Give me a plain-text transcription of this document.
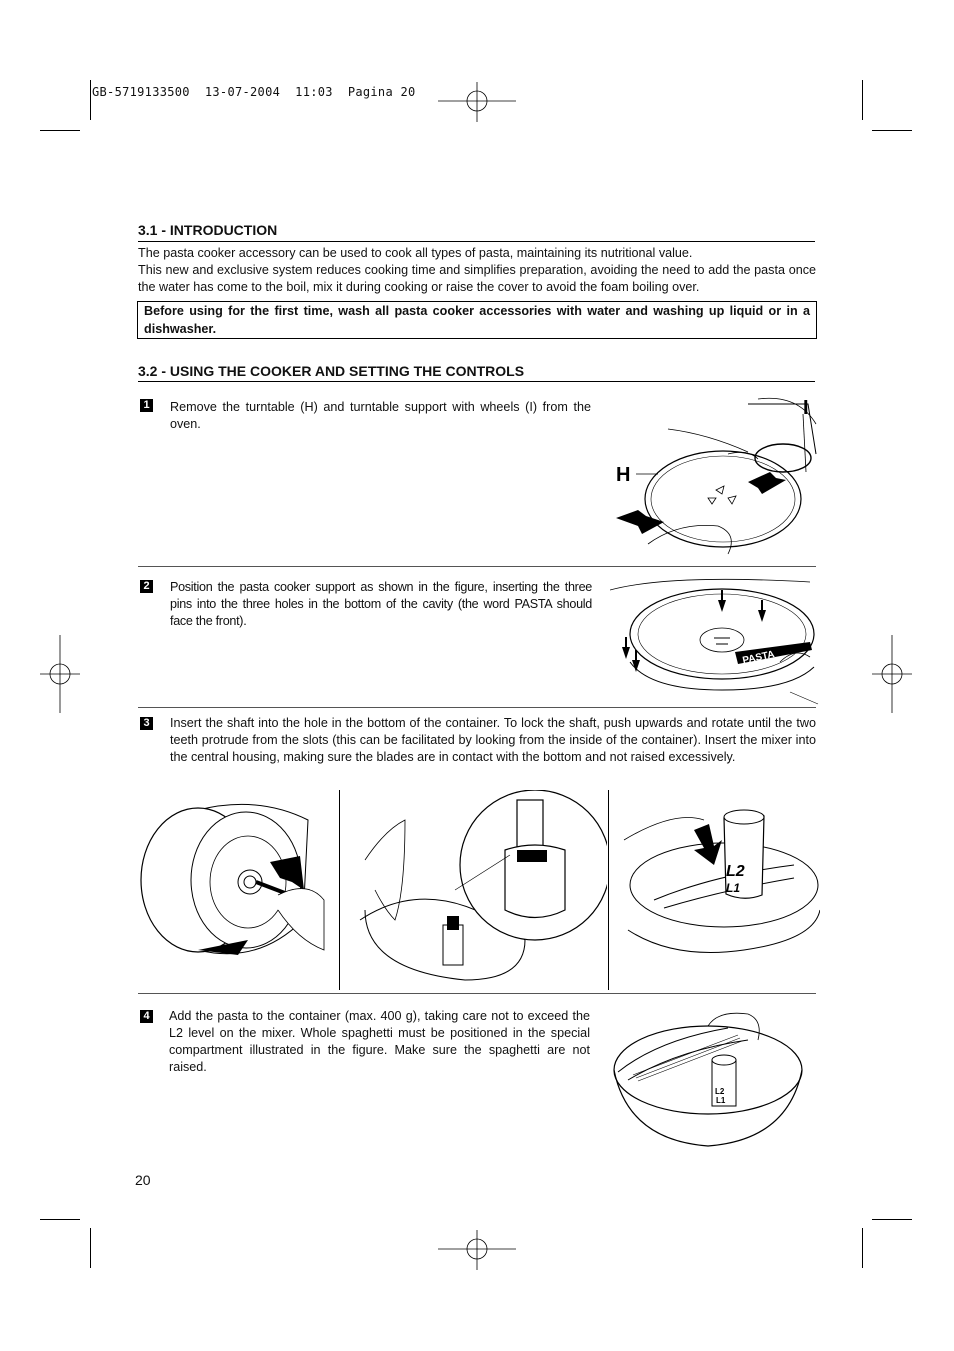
GB-5719133500  13-07-2004  11:03  Pagina 20
3.1 - INTRODUCTION
The pasta cooker accessory can be used to cook all types of pasta, maintaining its nutritional value.
This new and exclusive system reduces cooking time and simplifies preparation, avoiding the need to add the pasta once the water has come to the boil, mix it during cooking or raise the cover to avoid the foam boiling over.
Before using for the first time, wash all pasta cooker accessories with water and washing up liquid or in a dishwasher.
3.2 - USING THE COOKER AND SETTING THE CONTROLS
1 Remove the turntable (H) and turntable support with wheels (I) from the oven.
I
H
2 Position the pasta cooker support as shown in the figure, inserting the three pins into the three holes in the bottom of the cavity (the word PASTA should face the front).
PASTA
3 Insert the shaft into the hole in the bottom of the container. To lock the shaft, push upwards and rotate until the two teeth protrude from the slots (this can be facilitated by looking from the inside of the container). Insert the mixer into the central housing, making sure the blades are in contact with the bottom and not raised excessively.
L2
L1
4 Add the pasta to the container (max. 400 g), taking care not to exceed the L2 level on the mixer. Whole spaghetti must be positioned in the special compartment illustrated in the figure. Make sure the spaghetti are not raised.
L2
L1
20
